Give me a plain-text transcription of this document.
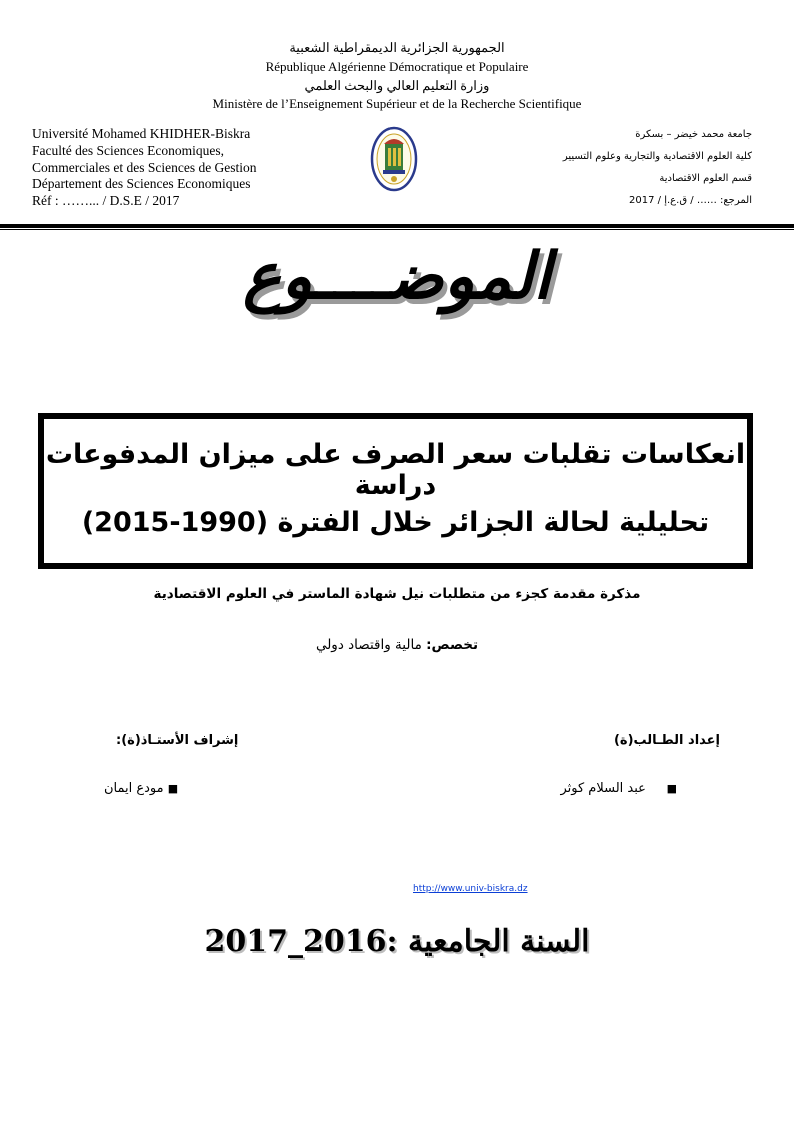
الجمهورية الجزائرية الديمقراطية الشعبية
République Algérienne Démocratique et Populaire
وزارة التعليم العالي والبحث العلمي
Ministère de l’Enseignement Supérieur et de la Recherche Scientifique
Université Mohamed KHIDHER-Biskra
Faculté des Sciences Economiques,
Commerciales et des Sciences de Gestion
Département des Sciences Economiques
Réf : ……... / D.S.E / 2017
جامعة محمد خيضر – بسكرة
كلية العلوم الاقتصادية والتجارية وعلوم التسيير
قسم العلوم الاقتصادية
المرجع: …… / ق.ع.إ / 2017
الموضــــوع
انعكاسات تقلبات سعر الصرف على ميزان المدفوعات دراسة
تحليلية لحالة الجزائر خلال الفترة (1990-2015)
مذكرة مقدمة كجزء من متطلبات نيل شهادة الماستر في العلوم الاقتصادية
تخصص: مالية واقتصاد دولي
إعداد الطـالب(ة)
إشراف الأستـاذ(ة):
■     عبد السلام كوثر
■ مودع ايمان
http://www.univ-biskra.dz
السنة الجامعية :2016_2017
